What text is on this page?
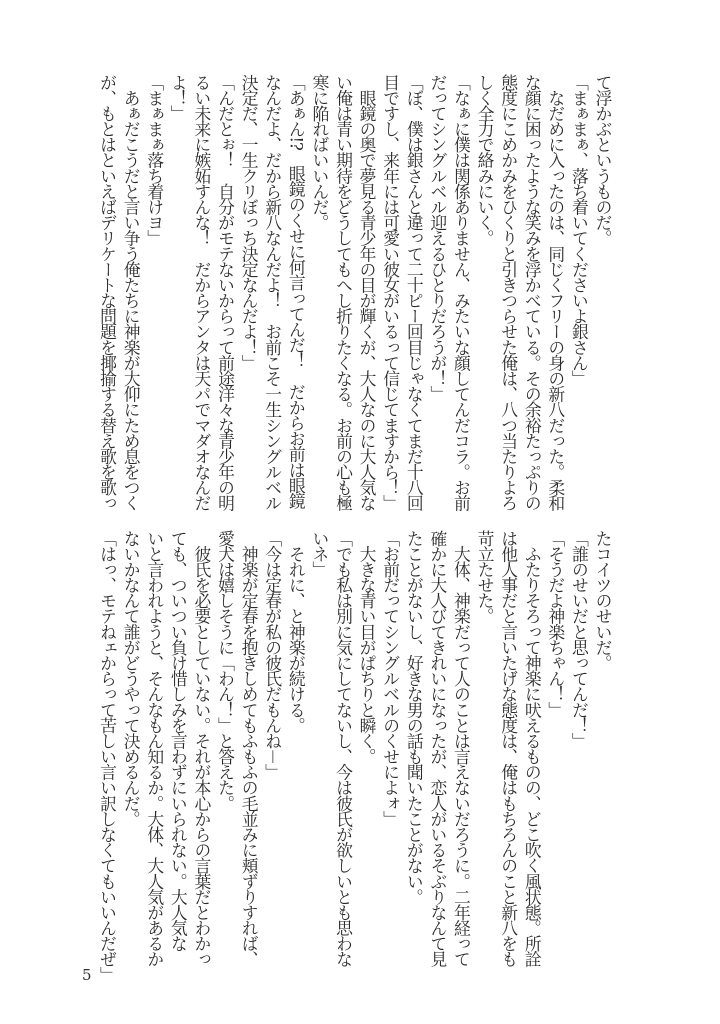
て浮かぶというものだ。
「まぁまぁ、落ち着いてくださいよ銀さん」
　なだめに入ったのは、同じくフリーの身の新八だった。柔和
な顔に困ったような笑みを浮かべている。その余裕たっぷりの
態度にこめかみをひくりと引きつらせた俺は、八つ当たりよろ
しく全力で絡みにいく。
「なぁに僕は関係ありません、みたいな顔してんだコラ。お前
だってシングルベル迎えるひとりだろうが！」
「ぼ、僕は銀さんと違って二十ピー回目じゃなくてまだ十八回
目ですし、来年には可愛い彼女がいるって信じてますから！」
　眼鏡の奥で夢見る青少年の目が輝くが、大人なのに大人気な
い俺は青い期待をどうしてもへし折りたくなる。お前の心も極
寒に陥ればいいんだ。
「あぁん!?　眼鏡のくせに何言ってんだ！　だからお前は眼鏡
なんだよ、だから新八なんだよ！　お前こそ一生シングルベル
決定だ、一生クリぼっち決定なんだよ！」
「んだとぉ！　自分がモテないからって前途洋々な青少年の明
るい未来に嫉妬すんな！　だからアンタは天パでマダオなんだ
よ！」
「まぁまぁ落ち着けヨ」
　あぁだこうだと言い争う俺たちに神楽が大仰にため息をつく
が、もとはといえばデリケートな問題を揶揄する替え歌を歌っ
たコイツのせいだ。
「誰のせいだと思ってんだ！」
「そうだよ神楽ちゃん！」
　ふたりそろって神楽に吠えるものの、どこ吹く風状態。所詮
は他人事だと言いたげな態度は、俺はもちろんのこと新八をも
苛立たせた。
　大体、神楽だって人のことは言えないだろうに。二年経って
確かに大人びてきれいになったが、恋人がいるそぶりなんて見
たことがないし、好きな男の話も聞いたことがない。
「お前だってシングルベルのくせによォ」
　大きな青い目がぱちりと瞬く。
「でも私は別に気にしてないし、今は彼氏が欲しいとも思わな
いネ」
　それに、と神楽が続ける。
「今は定春が私の彼氏だもんね－」
　神楽が定春を抱きしめてもふもふの毛並みに頬ずりすれば、
愛犬は嬉しそうに「わん！」と答えた。
　彼氏を必要としていない。それが本心からの言葉だとわかっ
ても、ついつい負け惜しみを言わずにいられない。大人気な
いと言われようと、そんなもん知るか。大体、大人気があるか
ないかなんて誰がどうやって決めるんだ。
「はっ、モテねェからって苦しい言い訳しなくてもいいんだぜ」
5
